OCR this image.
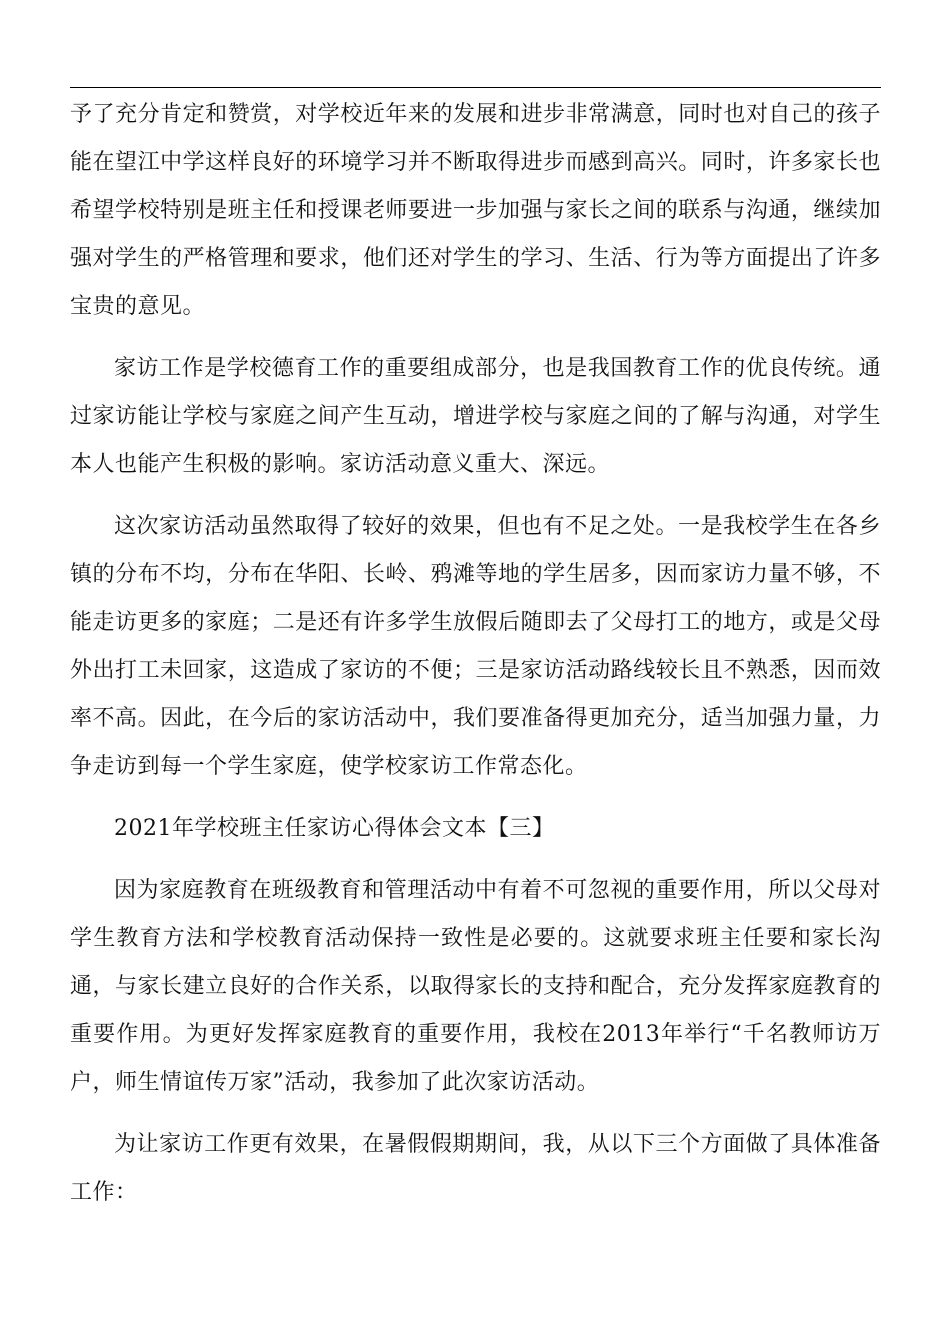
予了充分肯定和赞赏，对学校近年来的发展和进步非常满意，同时也对自己的孩子能在望江中学这样良好的环境学习并不断取得进步而感到高兴。同时，许多家长也希望学校特别是班主任和授课老师要进一步加强与家长之间的联系与沟通，继续加强对学生的严格管理和要求，他们还对学生的学习、生活、行为等方面提出了许多宝贵的意见。

家访工作是学校德育工作的重要组成部分，也是我国教育工作的优良传统。通过家访能让学校与家庭之间产生互动，增进学校与家庭之间的了解与沟通，对学生本人也能产生积极的影响。家访活动意义重大、深远。

这次家访活动虽然取得了较好的效果，但也有不足之处。一是我校学生在各乡镇的分布不均，分布在华阳、长岭、鸦滩等地的学生居多，因而家访力量不够，不能走访更多的家庭；二是还有许多学生放假后随即去了父母打工的地方，或是父母外出打工未回家，这造成了家访的不便；三是家访活动路线较长且不熟悉，因而效率不高。因此，在今后的家访活动中，我们要准备得更加充分，适当加强力量，力争走访到每一个学生家庭，使学校家访工作常态化。

2021年学校班主任家访心得体会文本【三】

因为家庭教育在班级教育和管理活动中有着不可忽视的重要作用，所以父母对学生教育方法和学校教育活动保持一致性是必要的。这就要求班主任要和家长沟通，与家长建立良好的合作关系，以取得家长的支持和配合，充分发挥家庭教育的重要作用。为更好发挥家庭教育的重要作用，我校在2013年举行“千名教师访万户，师生情谊传万家”活动，我参加了此次家访活动。

为让家访工作更有效果，在暑假假期期间，我，从以下三个方面做了具体准备工作：
